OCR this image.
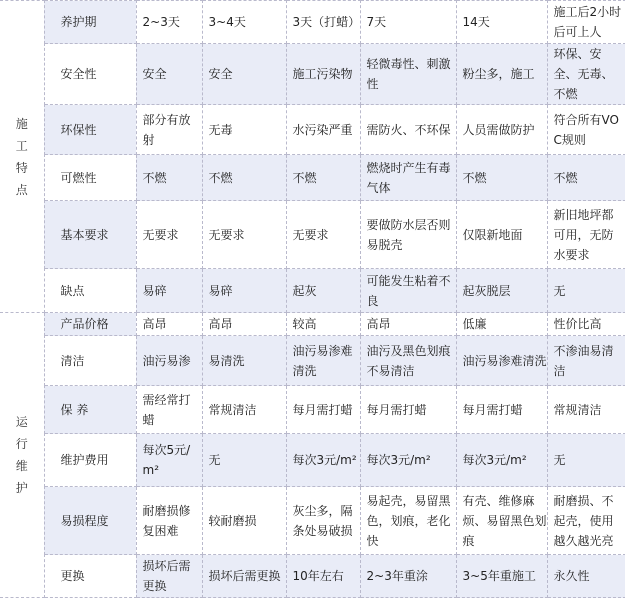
施工特点	养护期	2~3天	3~4天	3天（打蜡）	7天	14天	施工后2小时后可上人
	安全性	安全	安全	施工污染物	轻微毒性、刺激性	粉尘多，施工	环保、安全、无毒、不燃
	环保性	部分有放射	无毒	水污染严重	需防火、不环保	人员需做防护	符合所有VOC规则
	可燃性	不燃	不燃	不燃	燃烧时产生有毒气体	不燃	不燃
	基本要求	无要求	无要求	无要求	要做防水层否则易脱壳	仅限新地面	新旧地坪都可用，无防水要求
	缺点	易碎	易碎	起灰	可能发生粘着不良	起灰脱层	无
运行维护	产品价格	高昂	高昂	较高	高昂	低廉	性价比高
	清洁	油污易渗	易清洗	油污易渗难清洗	油污及黑色划痕不易清洁	油污易渗难清洗	不渗油易清洁
	保 养	需经常打蜡	常规清洁	每月需打蜡	每月需打蜡	每月需打蜡	常规清洁
	维护费用	每次5元/m²	无	每次3元/m²	每次3元/m²	每次3元/m²	无
	易损程度	耐磨损修复困难	较耐磨损	灰尘多，隔条处易破损	易起壳，易留黑色，划痕，老化快	有壳、维修麻烦、易留黑色划痕	耐磨损、不起壳，使用越久越光亮
	更换	损坏后需更换	损坏后需更换	10年左右	2~3年重涂	3~5年重施工	永久性
